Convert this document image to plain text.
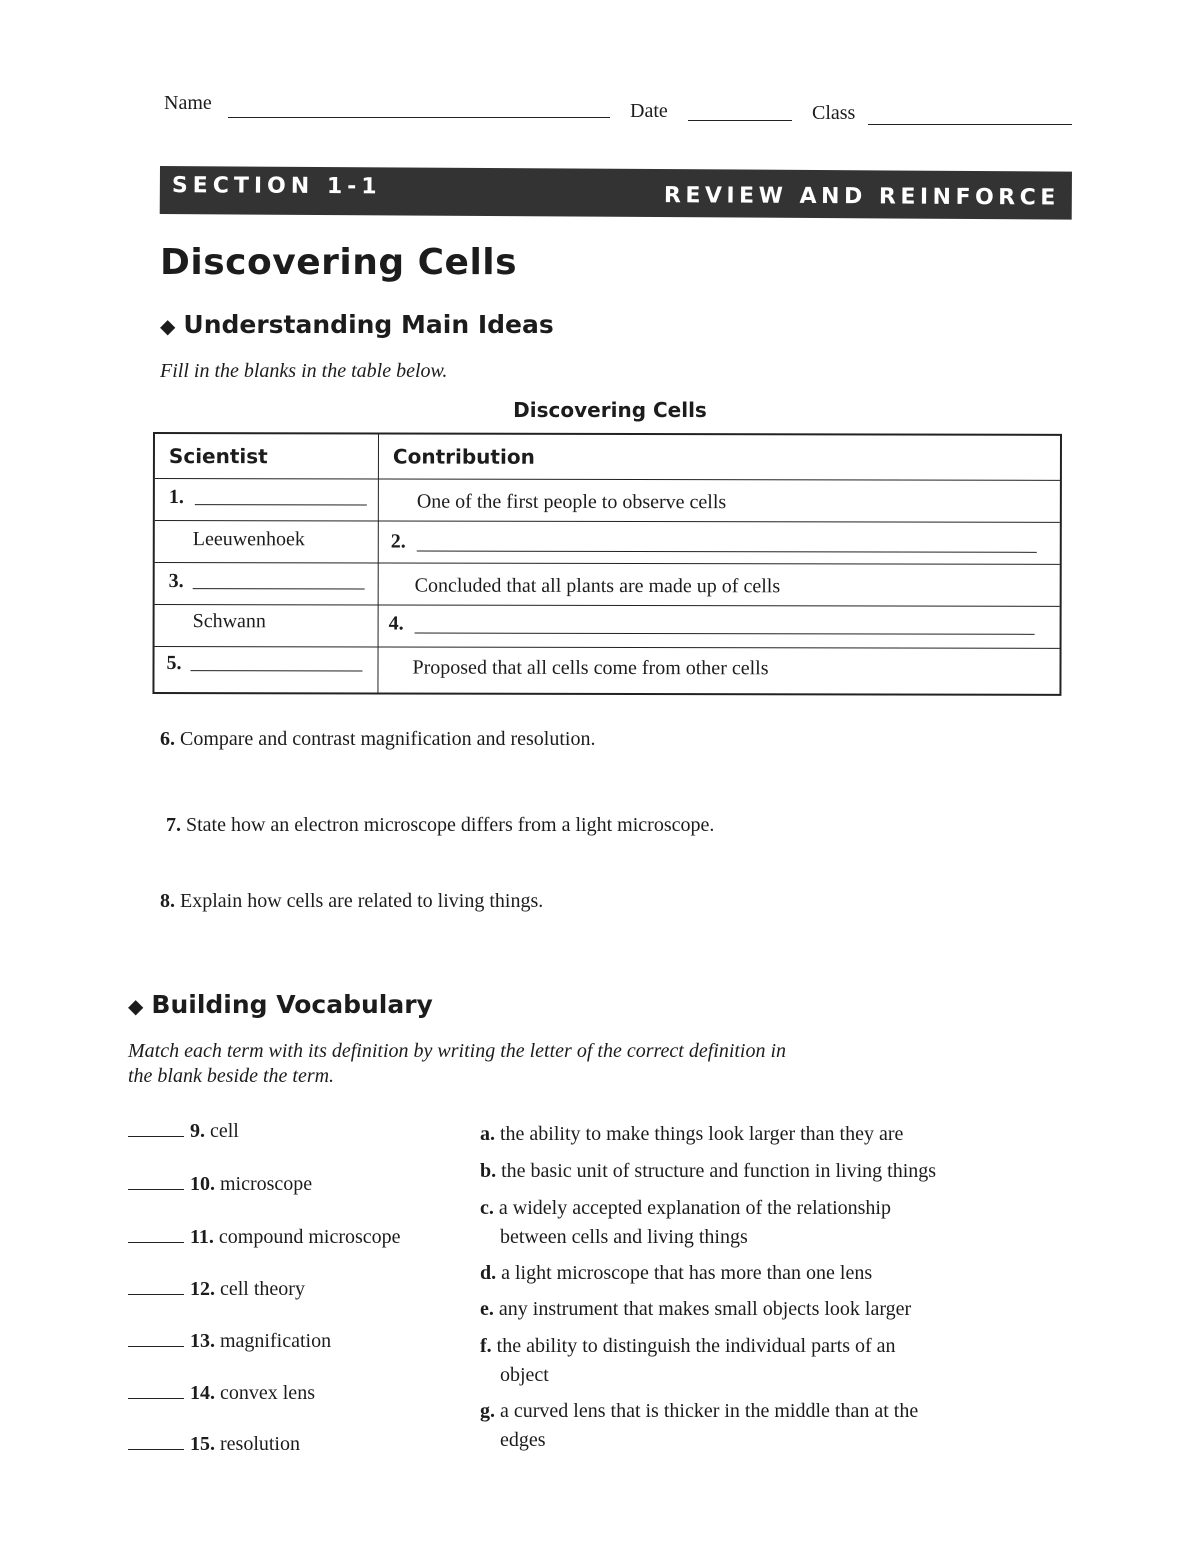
Name	Date	Class
SECTION 1-1	REVIEW AND REINFORCE
Discovering Cells
◆ Understanding Main Ideas
Fill in the blanks in the table below.
Discovering Cells
Scientist	Contribution
1.	One of the first people to observe cells
Leeuwenhoek	2.
3.	Concluded that all plants are made up of cells
Schwann	4.
5.	Proposed that all cells come from other cells
6. Compare and contrast magnification and resolution.
7. State how an electron microscope differs from a light microscope.
8. Explain how cells are related to living things.
◆ Building Vocabulary
Match each term with its definition by writing the letter of the correct definition in
the blank beside the term.
9. cell
10. microscope
11. compound microscope
12. cell theory
13. magnification
14. convex lens
15. resolution
a. the ability to make things look larger than they are
b. the basic unit of structure and function in living things
c. a widely accepted explanation of the relationship
between cells and living things
d. a light microscope that has more than one lens
e. any instrument that makes small objects look larger
f. the ability to distinguish the individual parts of an
object
g. a curved lens that is thicker in the middle than at the
edges
